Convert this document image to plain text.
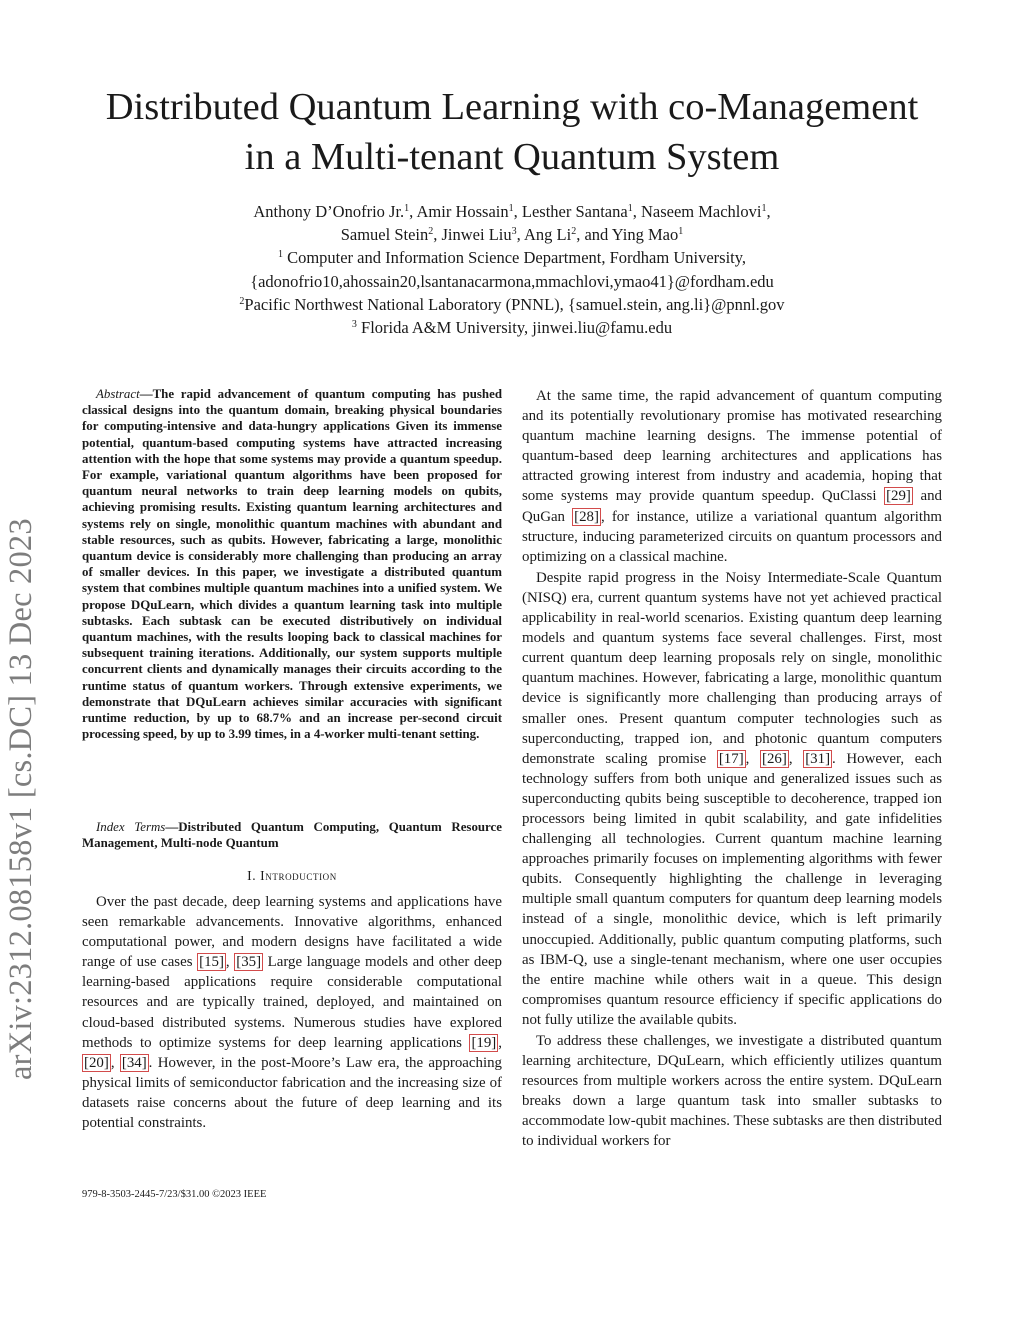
arXiv:2312.08158v1 [cs.DC] 13 Dec 2023
Distributed Quantum Learning with co-Management
in a Multi-tenant Quantum System
Anthony D’Onofrio Jr.$^1$, Amir Hossain$^1$, Lesther Santana$^1$, Naseem Machlovi$^1$,
Samuel Stein$^2$, Jinwei Liu$^3$, Ang Li$^2$, and Ying Mao$^1$
$^1$ Computer and Information Science Department, Fordham University,
{adonofrio10,ahossain20,lsantanacarmona,mmachlovi,ymao41}@fordham.edu
$^2$Pacific Northwest National Laboratory (PNNL), {samuel.stein, ang.li}@pnnl.gov
$^3$ Florida A&M University, jinwei.liu@famu.edu

Abstract—The rapid advancement of quantum computing has pushed classical designs into the quantum domain, breaking physical boundaries for computing-intensive and data-hungry applications Given its immense potential, quantum-based computing systems have attracted increasing attention with the hope that some systems may provide a quantum speedup. For example, variational quantum algorithms have been proposed for quantum neural networks to train deep learning models on qubits, achieving promising results. Existing quantum learning architectures and systems rely on single, monolithic quantum machines with abundant and stable resources, such as qubits. However, fabricating a large, monolithic quantum device is considerably more challenging than producing an array of smaller devices. In this paper, we investigate a distributed quantum system that combines multiple quantum machines into a unified system. We propose DQuLearn, which divides a quantum learning task into multiple subtasks. Each subtask can be executed distributively on individual quantum machines, with the results looping back to classical machines for subsequent training iterations. Additionally, our system supports multiple concurrent clients and dynamically manages their circuits according to the runtime status of quantum workers. Through extensive experiments, we demonstrate that DQuLearn achieves similar accuracies with significant runtime reduction, by up to 68.7% and an increase per-second circuit processing speed, by up to 3.99 times, in a 4-worker multi-tenant setting.

Index Terms—Distributed Quantum Computing, Quantum Resource Management, Multi-node Quantum

I. Introduction

Over the past decade, deep learning systems and applications have seen remarkable advancements. Innovative algorithms, enhanced computational power, and modern designs have facilitated a wide range of use cases [15] , [35] Large language models and other deep learning-based applications require considerable computational resources and are typically trained, deployed, and maintained on cloud-based distributed systems. Numerous studies have explored methods to optimize systems for deep learning applications [19] , [20] , [34] . However, in the post-Moore’s Law era, the approaching physical limits of semiconductor fabrication and the increasing size of datasets raise concerns about the future of deep learning and its potential constraints.

At the same time, the rapid advancement of quantum computing and its potentially revolutionary promise has motivated researching quantum machine learning designs. The immense potential of quantum-based deep learning architectures and applications has attracted growing interest from industry and academia, hoping that some systems may provide quantum speedup. QuClassi [29] and QuGan [28] , for instance, utilize a variational quantum algorithm structure, inducing parameterized circuits on quantum processors and optimizing on a classical machine.

Despite rapid progress in the Noisy Intermediate-Scale Quantum (NISQ) era, current quantum systems have not yet achieved practical applicability in real-world scenarios. Existing quantum deep learning models and quantum systems face several challenges. First, most current quantum deep learning proposals rely on single, monolithic quantum machines. However, fabricating a large, monolithic quantum device is significantly more challenging than producing arrays of smaller ones. Present quantum computer technologies such as superconducting, trapped ion, and photonic quantum computers demonstrate scaling promise [17] , [26] , [31] . However, each technology suffers from both unique and generalized issues such as superconducting qubits being susceptible to decoherence, trapped ion processors being limited in qubit scalability, and gate infidelities challenging all technologies. Current quantum machine learning approaches primarily focuses on implementing algorithms with fewer qubits. Consequently highlighting the challenge in leveraging multiple small quantum computers for quantum deep learning models instead of a single, monolithic device, which is left primarily unoccupied. Additionally, public quantum computing platforms, such as IBM-Q, use a single-tenant mechanism, where one user occupies the entire machine while others wait in a queue. This design compromises quantum resource efficiency if specific applications do not fully utilize the available qubits.

To address these challenges, we investigate a distributed quantum learning architecture, DQuLearn, which efficiently utilizes quantum resources from multiple workers across the entire system. DQuLearn breaks down a large quantum task into smaller subtasks to accommodate low-qubit machines. These subtasks are then distributed to individual workers for

979-8-3503-2445-7/23/$31.00 ©2023 IEEE
